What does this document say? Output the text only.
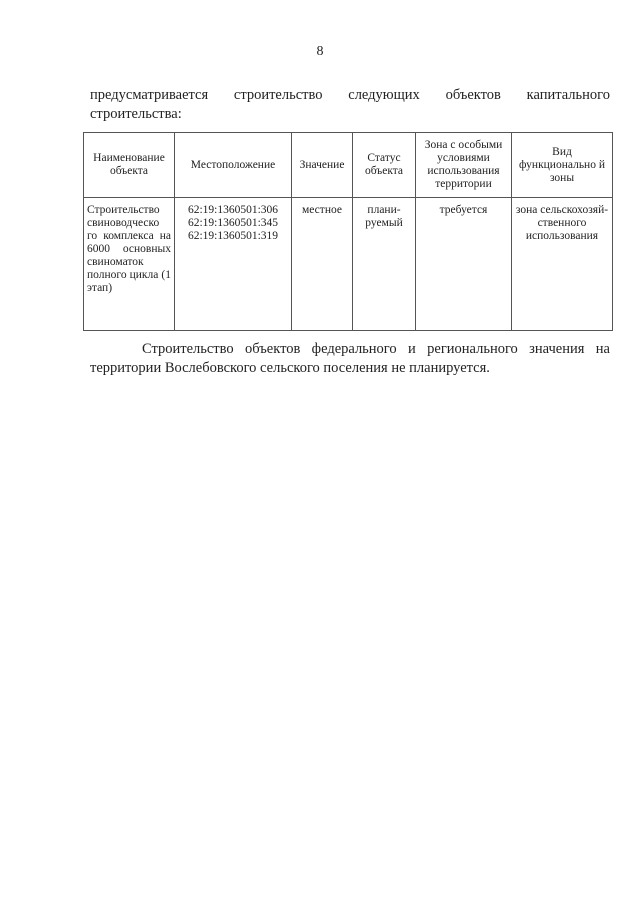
8
предусматривается строительство следующих объектов капитального
строительства:
Наименование объекта	Местоположение	Значение	Статус объекта	Зона с особыми условиями использования территории	Вид функционально й зоны
Строительство свиноводческо го комплекса на 6000 основных свиноматок полного цикла (1 этап)	62:19:1360501:306
62:19:1360501:345
62:19:1360501:319	местное	плани-руемый	требуется	зона сельскохозяй-ственного использования
Строительство объектов федерального и регионального значения на территории Вослебовского сельского поселения не планируется.
